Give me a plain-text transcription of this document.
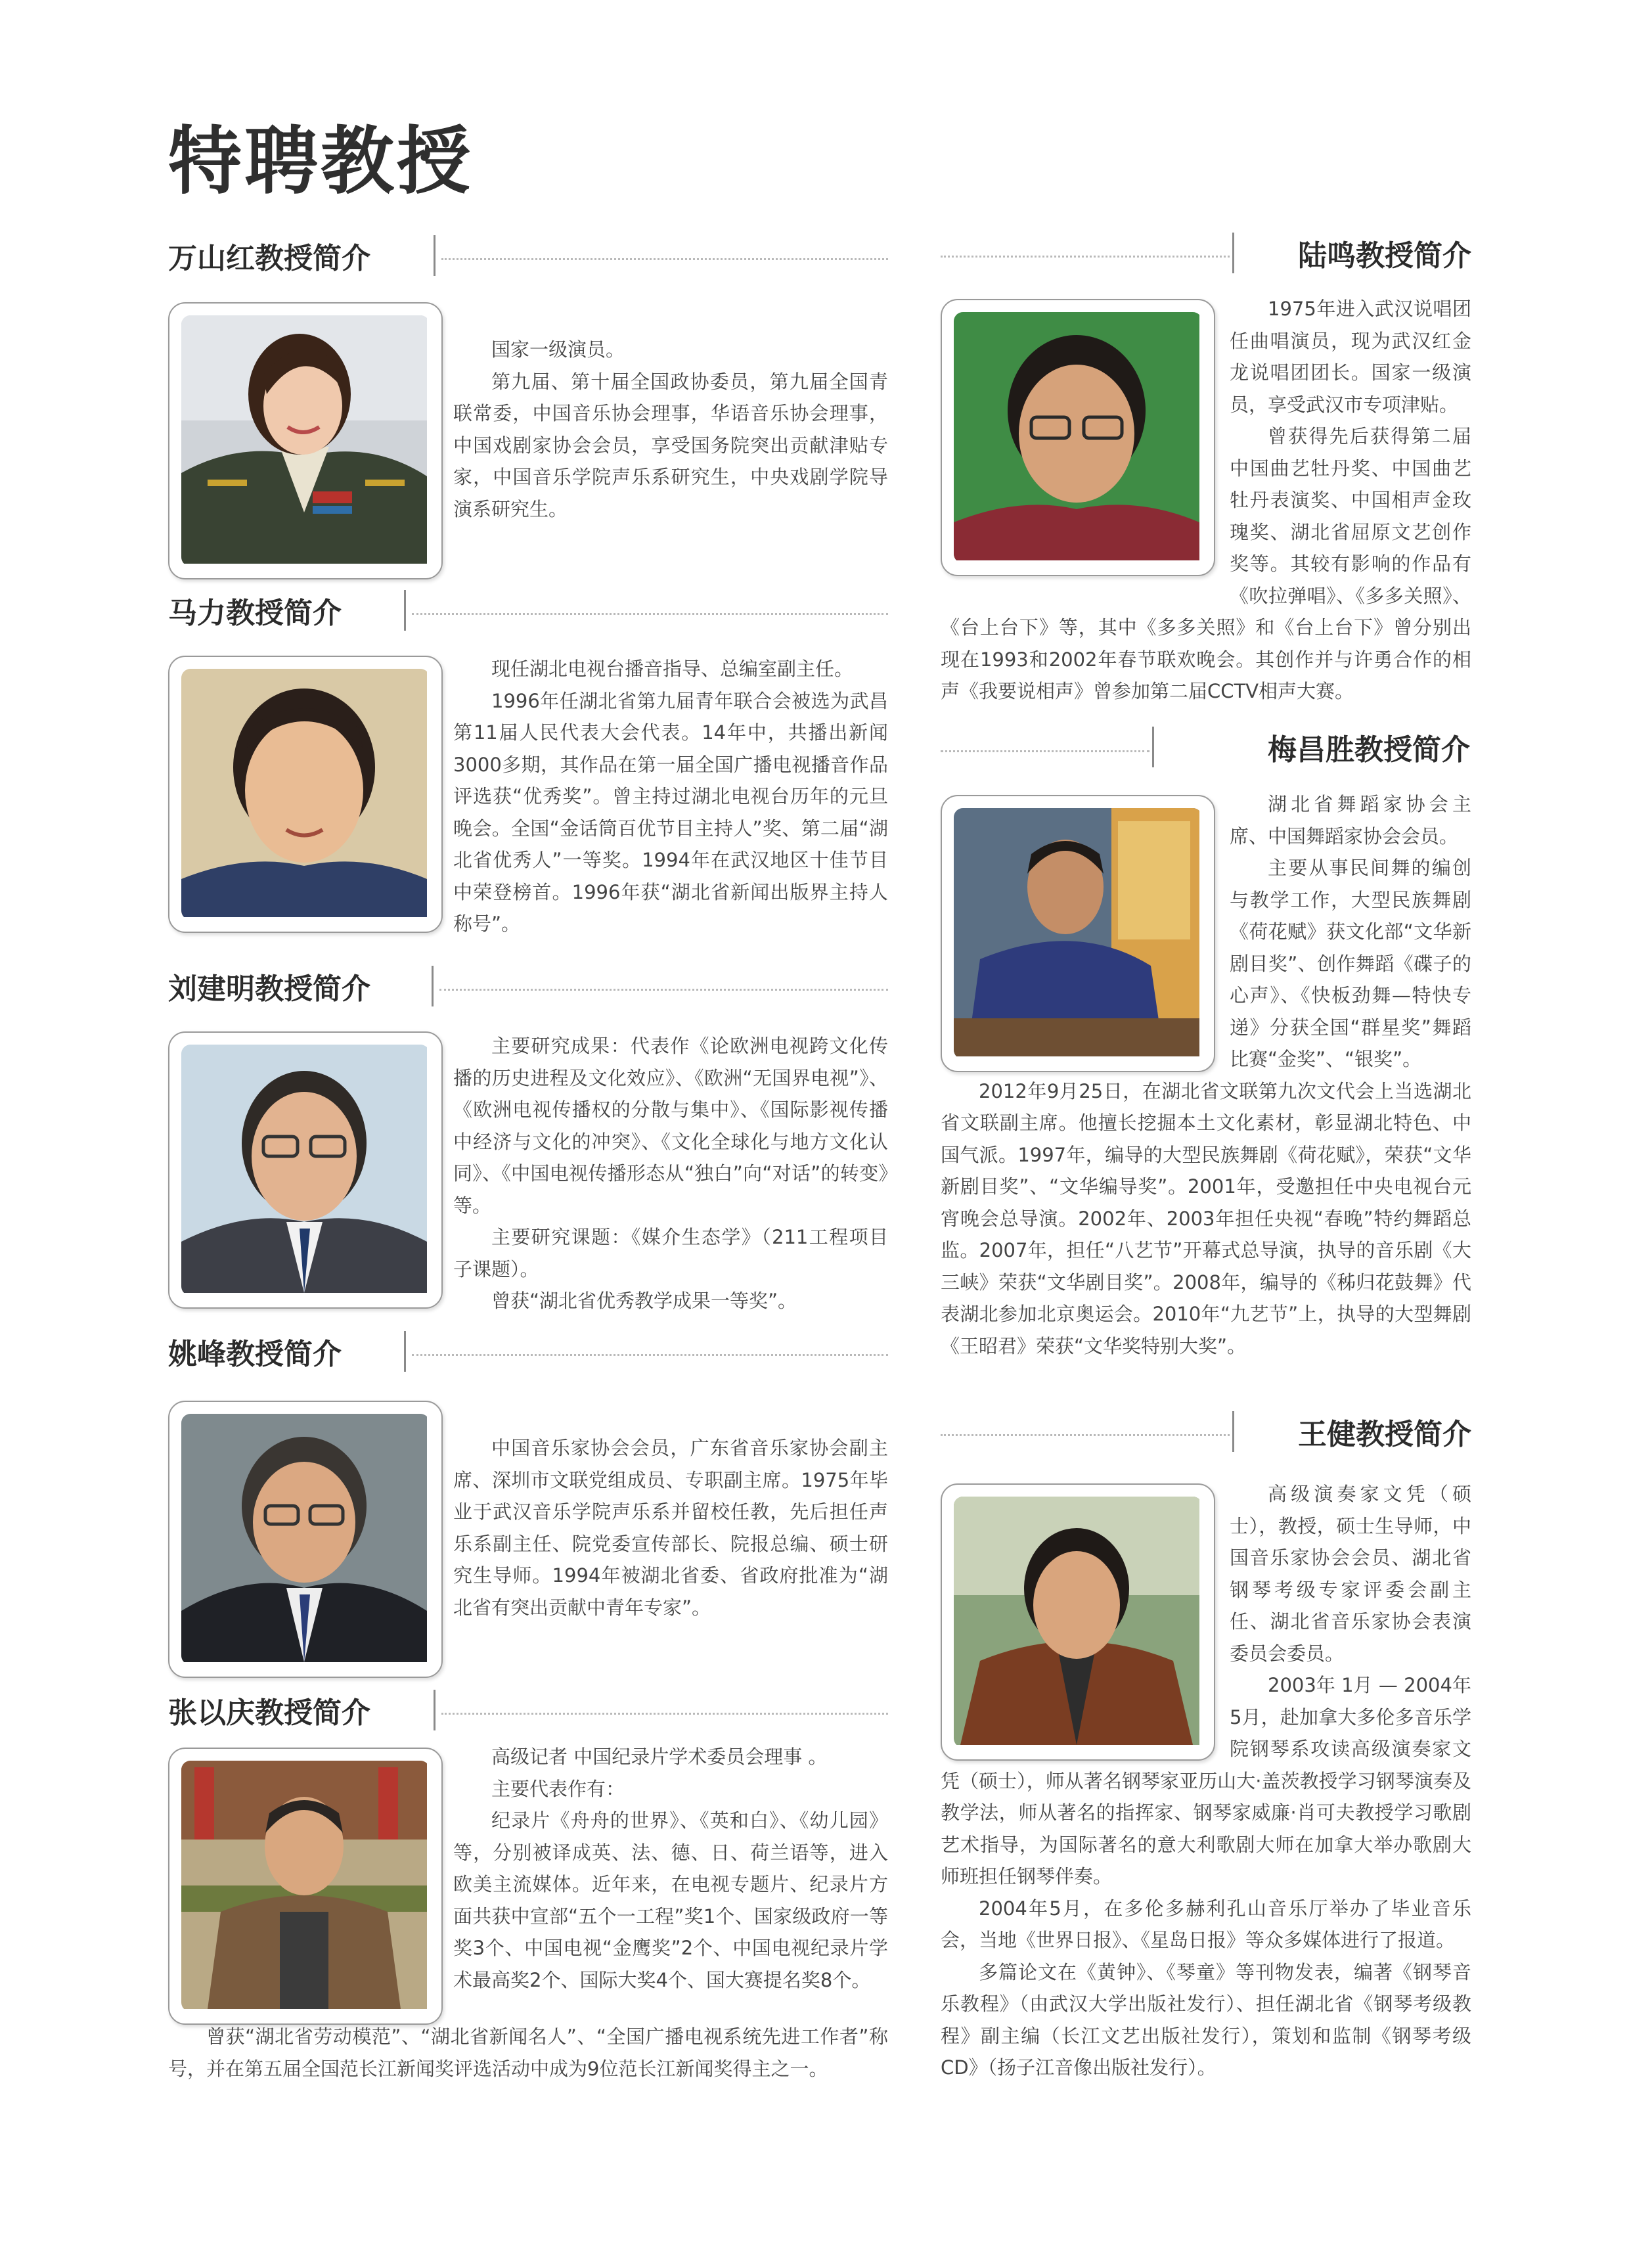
特聘教授
万山红教授简介

国家一级演员。

第九届、第十届全国政协委员，第九届全国青联常委，中国音乐协会理事，华语音乐协会理事，中国戏剧家协会会员，享受国务院突出贡献津贴专家，中国音乐学院声乐系研究生，中央戏剧学院导演系研究生。

马力教授简介

现任湖北电视台播音指导、总编室副主任。

1996年任湖北省第九届青年联合会被选为武昌第11届人民代表大会代表。14年中，共播出新闻3000多期，其作品在第一届全国广播电视播音作品评选获“优秀奖”。曾主持过湖北电视台历年的元旦晚会。全国“金话筒百优节目主持人”奖、第二届“湖北省优秀人”一等奖。1994年在武汉地区十佳节目中荣登榜首。1996年获“湖北省新闻出版界主持人称号”。

刘建明教授简介

主要研究成果：代表作《论欧洲电视跨文化传播的历史进程及文化效应》、《欧洲“无国界电视”》、《欧洲电视传播权的分散与集中》、《国际影视传播中经济与文化的冲突》、《文化全球化与地方文化认同》、《中国电视传播形态从“独白”向“对话”的转变》等。

主要研究课题：《媒介生态学》（211工程项目子课题）。

曾获“湖北省优秀教学成果一等奖”。

姚峰教授简介

中国音乐家协会会员，广东省音乐家协会副主席、深圳市文联党组成员、专职副主席。1975年毕业于武汉音乐学院声乐系并留校任教，先后担任声乐系副主任、院党委宣传部长、院报总编、硕士研究生导师。1994年被湖北省委、省政府批准为“湖北省有突出贡献中青年专家”。

张以庆教授简介

高级记者 中国纪录片学术委员会理事 。

主要代表作有：

纪录片《舟舟的世界》、《英和白》、《幼儿园》等，分别被译成英、法、德、日、荷兰语等，进入欧美主流媒体。近年来，在电视专题片、纪录片方面共获中宣部“五个一工程”奖1个、国家级政府一等奖3个、中国电视“金鹰奖”2个、中国电视纪录片学术最高奖2个、国际大奖4个、国大赛提名奖8个。

曾获“湖北省劳动模范”、“湖北省新闻名人”、“全国广播电视系统先进工作者”称号，并在第五届全国范长江新闻奖评选活动中成为9位范长江新闻奖得主之一。

陆鸣教授简介

1975年进入武汉说唱团任曲唱演员，现为武汉红金龙说唱团团长。国家一级演员，享受武汉市专项津贴。

曾获得先后获得第二届中国曲艺牡丹奖、中国曲艺牡丹表演奖、中国相声金玫瑰奖、湖北省屈原文艺创作奖等。其较有影响的作品有《吹拉弹唱》、《多多关照》、《台上台下》等，其中《多多关照》和《台上台下》曾分别出现在1993和2002年春节联欢晚会。其创作并与许勇合作的相声《我要说相声》曾参加第二届CCTV相声大赛。

梅昌胜教授简介

湖北省舞蹈家协会主席、中国舞蹈家协会会员。

主要从事民间舞的编创与教学工作，大型民族舞剧《荷花赋》获文化部“文华新剧目奖”、创作舞蹈《碟子的心声》、《快板劲舞—特快专递》分获全国“群星奖”舞蹈比赛“金奖”、“银奖”。

2012年9月25日，在湖北省文联第九次文代会上当选湖北省文联副主席。他擅长挖掘本土文化素材，彰显湖北特色、中国气派。1997年，编导的大型民族舞剧《荷花赋》，荣获“文华新剧目奖”、“文华编导奖”。2001年，受邀担任中央电视台元宵晚会总导演。2002年、2003年担任央视“春晚”特约舞蹈总监。2007年，担任“八艺节”开幕式总导演，执导的音乐剧《大三峡》荣获“文华剧目奖”。2008年，编导的《秭归花鼓舞》代表湖北参加北京奥运会。2010年“九艺节”上，执导的大型舞剧《王昭君》荣获“文华奖特别大奖”。

王健教授简介

高级演奏家文凭（硕士），教授，硕士生导师，中国音乐家协会会员、湖北省钢琴考级专家评委会副主任、湖北省音乐家协会表演委员会委员。

2003年 1月 — 2004年5月，赴加拿大多伦多音乐学院钢琴系攻读高级演奏家文凭（硕士），师从著名钢琴家亚历山大·盖茨教授学习钢琴演奏及教学法，师从著名的指挥家、钢琴家威廉·肖可夫教授学习歌剧艺术指导，为国际著名的意大利歌剧大师在加拿大举办歌剧大师班担任钢琴伴奏。

2004年5月，在多伦多赫利孔山音乐厅举办了毕业音乐会，当地《世界日报》、《星岛日报》等众多媒体进行了报道。

多篇论文在《黄钟》、《琴童》等刊物发表，编著《钢琴音乐教程》（由武汉大学出版社发行）、担任湖北省《钢琴考级教程》副主编（长江文艺出版社发行），策划和监制《钢琴考级CD》（扬子江音像出版社发行）。
